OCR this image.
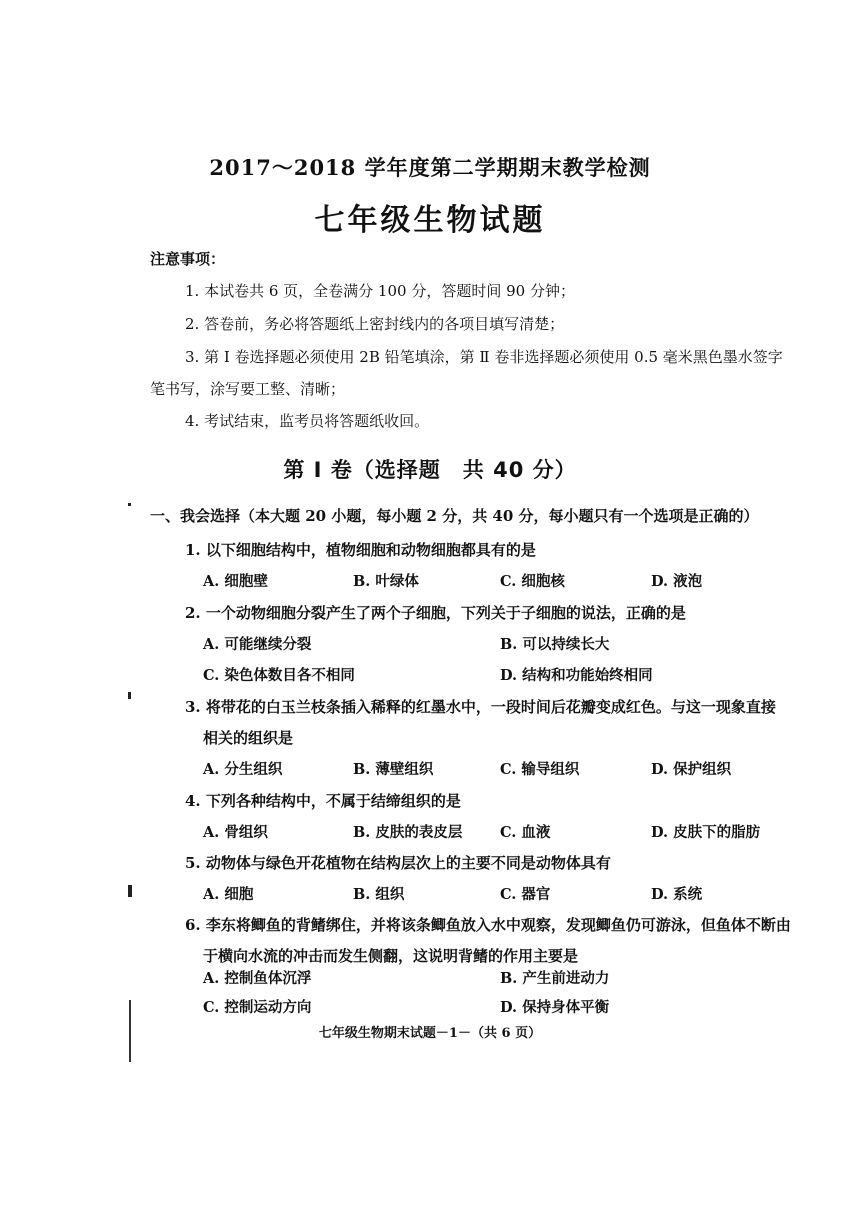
2017～2018 学年度第二学期期末教学检测
七年级生物试题
注意事项：
1. 本试卷共 6 页，全卷满分 100 分，答题时间 90 分钟；
2. 答卷前，务必将答题纸上密封线内的各项目填写清楚；
3. 第 Ⅰ 卷选择题必须使用 2B 铅笔填涂，第 Ⅱ 卷非选择题必须使用 0.5 毫米黑色墨水签字
笔书写，涂写要工整、清晰；
4. 考试结束，监考员将答题纸收回。
第 Ⅰ 卷（选择题　共 40 分）
一、我会选择（本大题 20 小题，每小题 2 分，共 40 分，每小题只有一个选项是正确的）
1. 以下细胞结构中，植物细胞和动物细胞都具有的是
A. 细胞壁	B. 叶绿体	C. 细胞核	D. 液泡
2. 一个动物细胞分裂产生了两个子细胞，下列关于子细胞的说法，正确的是
A. 可能继续分裂	B. 可以持续长大
C. 染色体数目各不相同	D. 结构和功能始终相同
3. 将带花的白玉兰枝条插入稀释的红墨水中，一段时间后花瓣变成红色。与这一现象直接
相关的组织是
A. 分生组织	B. 薄壁组织	C. 输导组织	D. 保护组织
4. 下列各种结构中，不属于结缔组织的是
A. 骨组织	B. 皮肤的表皮层	C. 血液	D. 皮肤下的脂肪
5. 动物体与绿色开花植物在结构层次上的主要不同是动物体具有
A. 细胞	B. 组织	C. 器官	D. 系统
6. 李东将鲫鱼的背鳍绑住，并将该条鲫鱼放入水中观察，发现鲫鱼仍可游泳，但鱼体不断由
于横向水流的冲击而发生侧翻，这说明背鳍的作用主要是
A. 控制鱼体沉浮	B. 产生前进动力
C. 控制运动方向	D. 保持身体平衡
七年级生物期末试题－1－（共 6 页）
